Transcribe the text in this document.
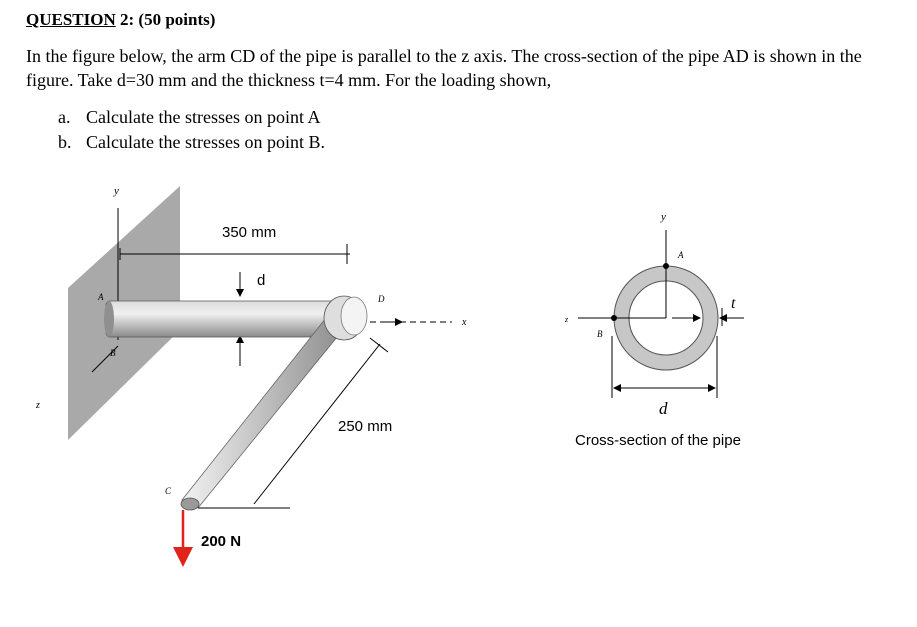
QUESTION 2: (50 points)
In the figure below, the arm CD of the pipe is parallel to the z axis. The cross-section of the pipe AD is shown in the figure. Take d=30 mm and the thickness t=4 mm. For the loading shown,
a. Calculate the stresses on point A
b. Calculate the stresses on point B.
y
z
A
B
350 mm
d
D
x
250 mm
C
200 N
y
z
A
B
t
d
Cross-section of the pipe
